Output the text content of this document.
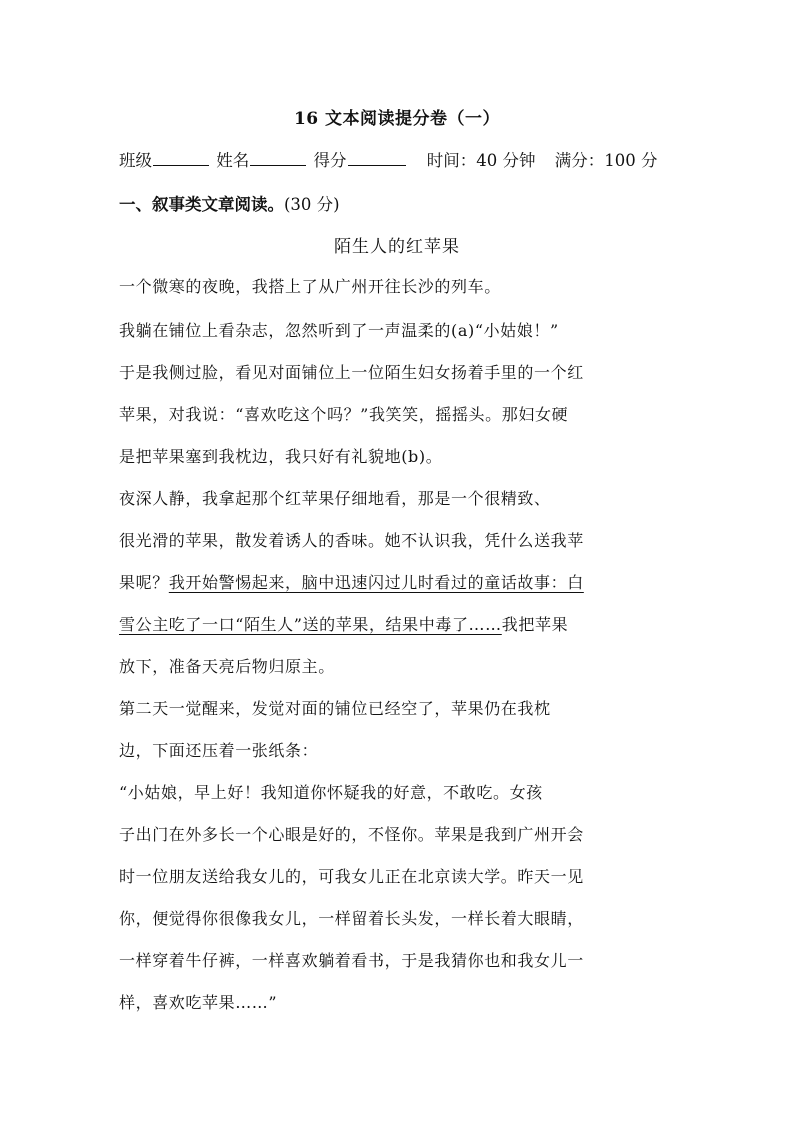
16 文本阅读提分卷（一）
班级	姓名	得分	时间：40 分钟 满分：100 分
一、叙事类文章阅读。(30 分)
陌生人的红苹果
一个微寒的夜晚，我搭上了从广州开往长沙的列车。
我躺在铺位上看杂志，忽然听到了一声温柔的(a)“小姑娘！”
于是我侧过脸，看见对面铺位上一位陌生妇女扬着手里的一个红
苹果，对我说：“喜欢吃这个吗？”我笑笑，摇摇头。那妇女硬
是把苹果塞到我枕边，我只好有礼貌地(b)。
夜深人静，我拿起那个红苹果仔细地看，那是一个很精致、
很光滑的苹果，散发着诱人的香味。她不认识我，凭什么送我苹
果呢？我开始警惕起来，脑中迅速闪过儿时看过的童话故事：白
雪公主吃了一口“陌生人”送的苹果，结果中毒了……我把苹果
放下，准备天亮后物归原主。
第二天一觉醒来，发觉对面的铺位已经空了，苹果仍在我枕
边，下面还压着一张纸条：
“小姑娘，早上好！我知道你怀疑我的好意，不敢吃。女孩
子出门在外多长一个心眼是好的，不怪你。苹果是我到广州开会
时一位朋友送给我女儿的，可我女儿正在北京读大学。昨天一见
你，便觉得你很像我女儿，一样留着长头发，一样长着大眼睛，
一样穿着牛仔裤，一样喜欢躺着看书，于是我猜你也和我女儿一
样，喜欢吃苹果……”
